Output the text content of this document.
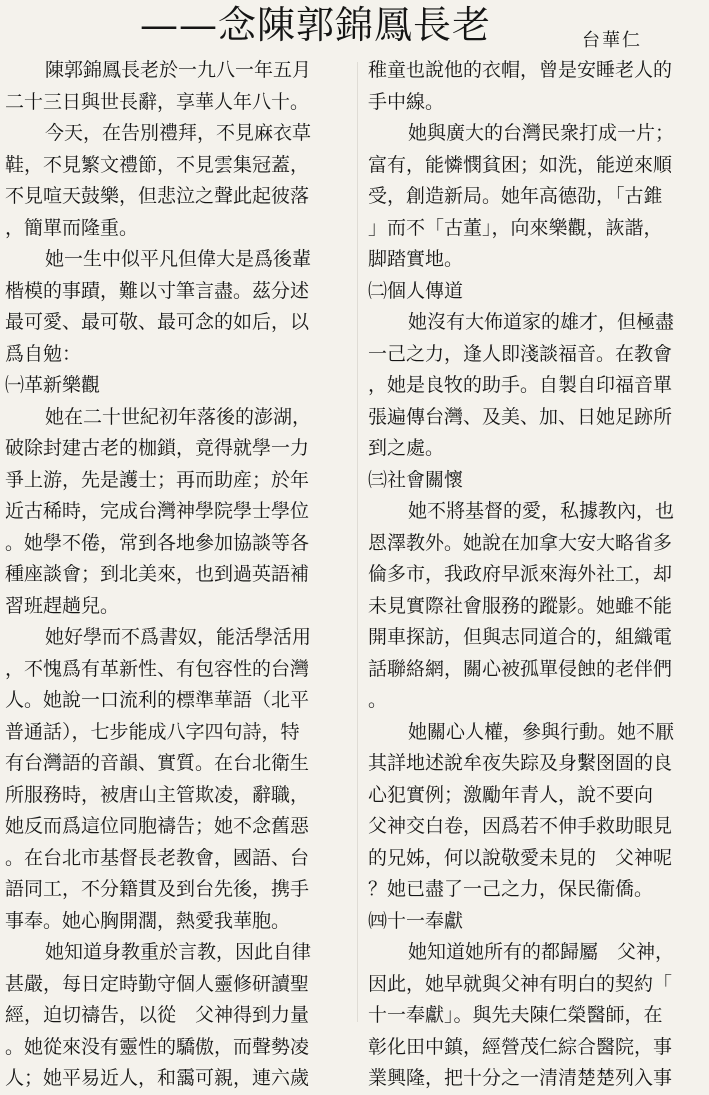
——念陳郭錦鳳長老	台華仁
陳郭錦鳳長老於一九八一年五月
二十三日與世長辭，享華人年八十。
今天，在告別禮拜，不見麻衣草
鞋，不見繁文禮節，不見雲集冠蓋，
不見喧天鼓樂，但悲泣之聲此起彼落
，簡單而隆重。
她一生中似平凡但偉大是爲後輩
楷模的事蹟，難以寸筆言盡。茲分述
最可愛、最可敬、最可念的如后，以
爲自勉：
㈠革新樂觀
她在二十世紀初年落後的澎湖，
破除封建古老的枷鎖，竟得就學一力
爭上游，先是護士；再而助産；於年
近古稀時，完成台灣神學院學士學位
。她學不倦，常到各地參加協談等各
種座談會；到北美來，也到過英語補
習班趕趟兒。
她好學而不爲書奴，能活學活用
，不愧爲有革新性、有包容性的台灣
人。她說一口流利的標準華語（北平
普通話），七步能成八字四句詩，特
有台灣語的音韻、實質。在台北衛生
所服務時，被唐山主管欺凌，辭職，
她反而爲這位同胞禱告；她不念舊惡
。在台北市基督長老教會，國語、台
語同工，不分籍貫及到台先後，携手
事奉。她心胸開濶，熱愛我華胞。
她知道身教重於言教，因此自律
甚嚴，每日定時勤守個人靈修研讀聖
經，迫切禱告，以從　父神得到力量
。她從來没有靈性的驕傲，而聲勢凌
人；她平易近人，和靄可親，連六歲
稚童也說他的衣帽，曾是安睡老人的
手中線。
她與廣大的台灣民衆打成一片；
富有，能憐憫貧困；如洗，能逆來順
受，創造新局。她年高德劭，「古錐
」而不「古董」，向來樂觀，詼諧，
脚踏實地。
㈡個人傳道
她沒有大佈道家的雄才，但極盡
一己之力，逢人即淺談福音。在教會
，她是良牧的助手。自製自印福音單
張遍傳台灣、及美、加、日她足跡所
到之處。
㈢社會關懷
她不將基督的愛，私據教內，也
恩澤教外。她說在加拿大安大略省多
倫多市，我政府早派來海外社工，却
未見實際社會服務的蹤影。她雖不能
開車探訪，但與志同道合的，組織電
話聯絡網，關心被孤單侵蝕的老伴們
。
她關心人權，參與行動。她不厭
其詳地述說牟夜失踪及身繫囹圄的良
心犯實例；激勵年青人，說不要向
父神交白卷，因爲若不伸手救助眼見
的兄姊，何以說敬愛未見的　父神呢
？她已盡了一己之力，保民衞僑。
㈣十一奉獻
她知道她所有的都歸屬　父神，
因此，她早就與父神有明白的契約「
十一奉獻」。與先夫陳仁榮醫師，在
彰化田中鎮，經營茂仁綜合醫院，事
業興隆，把十分之一清清楚楚列入事
